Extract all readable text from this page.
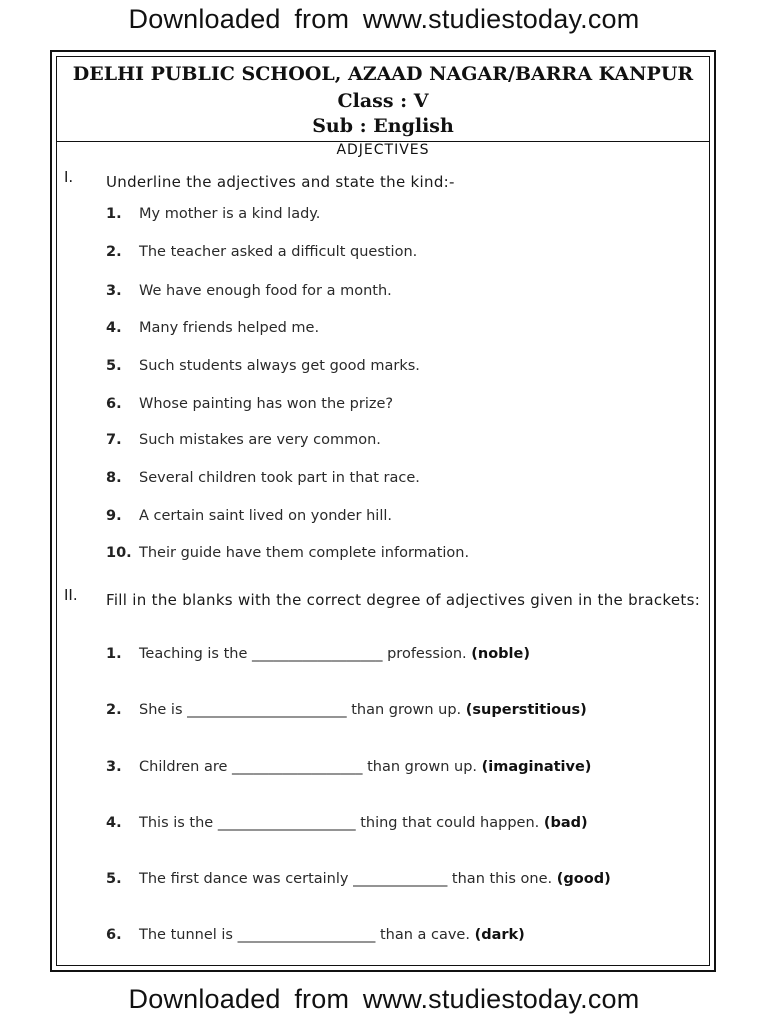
Downloaded from www.studiestoday.com
DELHI PUBLIC SCHOOL, AZAAD NAGAR/BARRA KANPUR
Class : V
Sub : English
ADJECTIVES
I. Underline the adjectives and state the kind:-
1. My mother is a kind lady.
2. The teacher asked a difficult question.
3. We have enough food for a month.
4. Many friends helped me.
5. Such students always get good marks.
6. Whose painting has won the prize?
7. Such mistakes are very common.
8. Several children took part in that race.
9. A certain saint lived on yonder hill.
10. Their guide have them complete information.
II. Fill in the blanks with the correct degree of adjectives given in the brackets:
1. Teaching is the __________________ profession. (noble)
2. She is ______________________ than grown up. (superstitious)
3. Children are __________________ than grown up. (imaginative)
4. This is the ___________________ thing that could happen. (bad)
5. The first dance was certainly _____________ than this one. (good)
6. The tunnel is ___________________ than a cave. (dark)
Downloaded from www.studiestoday.com
